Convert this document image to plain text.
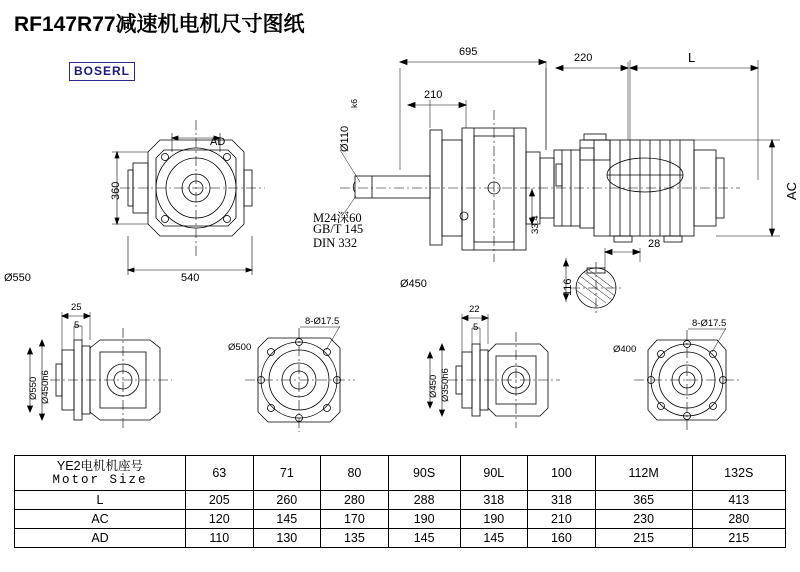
RF147R77减速机电机尺寸图纸
BOSERL
695	220	L
210
Ø110
k6
AC
AD
360
540
33.4
28
116
M24深60
GB/T 145
DIN 332
Ø550	Ø450
25
5
Ø550 Ø450h6
8-Ø17.5
Ø500
22
5
Ø450 Ø350h6
8-Ø17.5
Ø400
YE2电机机座号
Motor Size	63	71	80	90S	90L	100	112M	132S
L	205	260	280	288	318	318	365	413
AC	120	145	170	190	190	210	230	280
AD	110	130	135	145	145	160	215	215
